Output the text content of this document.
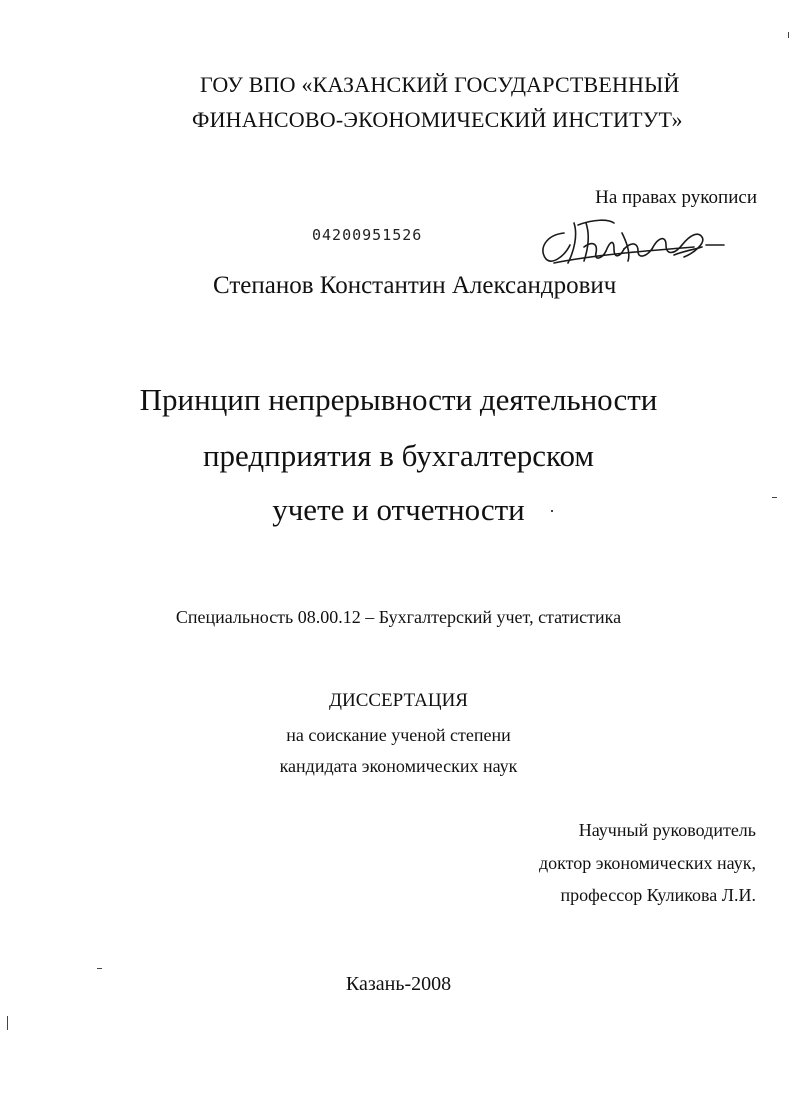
ГОУ ВПО «КАЗАНСКИЙ ГОСУДАРСТВЕННЫЙ
ФИНАНСОВО-ЭКОНОМИЧЕСКИЙ ИНСТИТУТ»
На правах рукописи
04200951526
Степанов Константин Александрович
Принцип непрерывности деятельности
предприятия в бухгалтерском
учете и отчетности
Специальность 08.00.12 – Бухгалтерский учет, статистика
ДИССЕРТАЦИЯ
на соискание ученой степени
кандидата экономических наук
Научный руководитель
доктор экономических наук,
профессор Куликова Л.И.
Казань-2008
